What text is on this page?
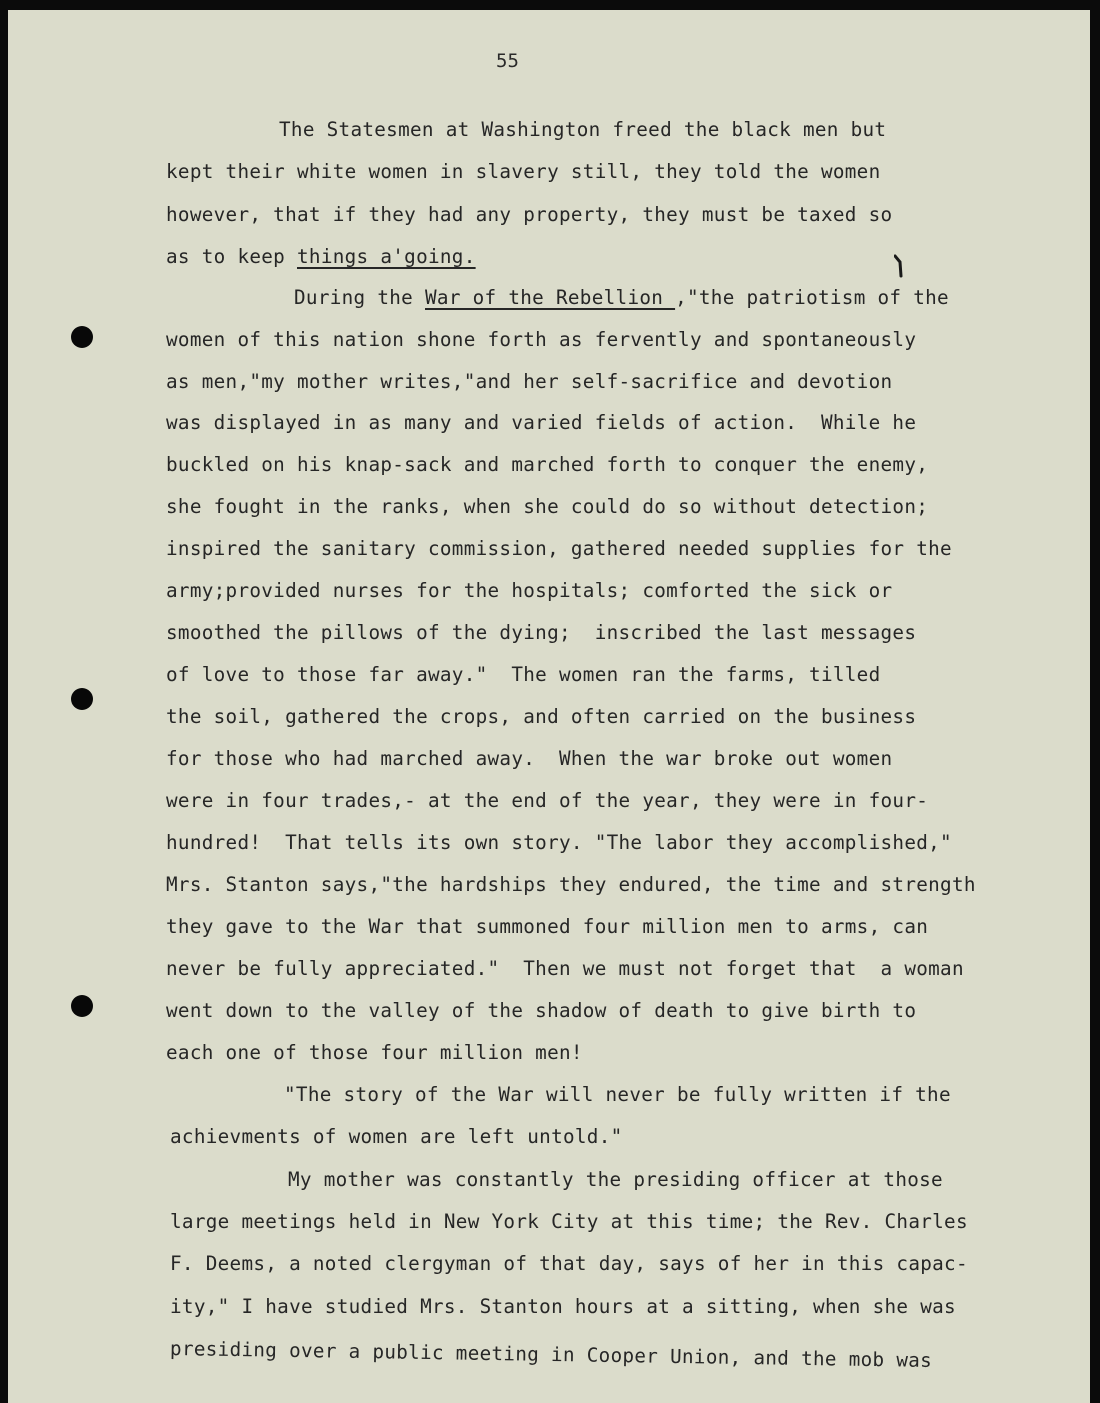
55
The Statesmen at Washington freed the black men but
kept their white women in slavery still, they told the women
however, that if they had any property, they must be taxed so
as to keep things a'going.
During the War of the Rebellion ,"the patriotism of the
women of this nation shone forth as fervently and spontaneously
as men,"my mother writes,"and her self-sacrifice and devotion
was displayed in as many and varied fields of action.  While he
buckled on his knap-sack and marched forth to conquer the enemy,
she fought in the ranks, when she could do so without detection;
inspired the sanitary commission, gathered needed supplies for the
army;provided nurses for the hospitals; comforted the sick or
smoothed the pillows of the dying;  inscribed the last messages
of love to those far away."  The women ran the farms, tilled
the soil, gathered the crops, and often carried on the business
for those who had marched away.  When the war broke out women
were in four trades,- at the end of the year, they were in four-
hundred!  That tells its own story. "The labor they accomplished,"
Mrs. Stanton says,"the hardships they endured, the time and strength
they gave to the War that summoned four million men to arms, can
never be fully appreciated."  Then we must not forget that  a woman
went down to the valley of the shadow of death to give birth to
each one of those four million men!
"The story of the War will never be fully written if the
achievments of women are left untold."
My mother was constantly the presiding officer at those
large meetings held in New York City at this time; the Rev. Charles
F. Deems, a noted clergyman of that day, says of her in this capac-
ity," I have studied Mrs. Stanton hours at a sitting, when she was
presiding over a public meeting in Cooper Union, and the mob was
